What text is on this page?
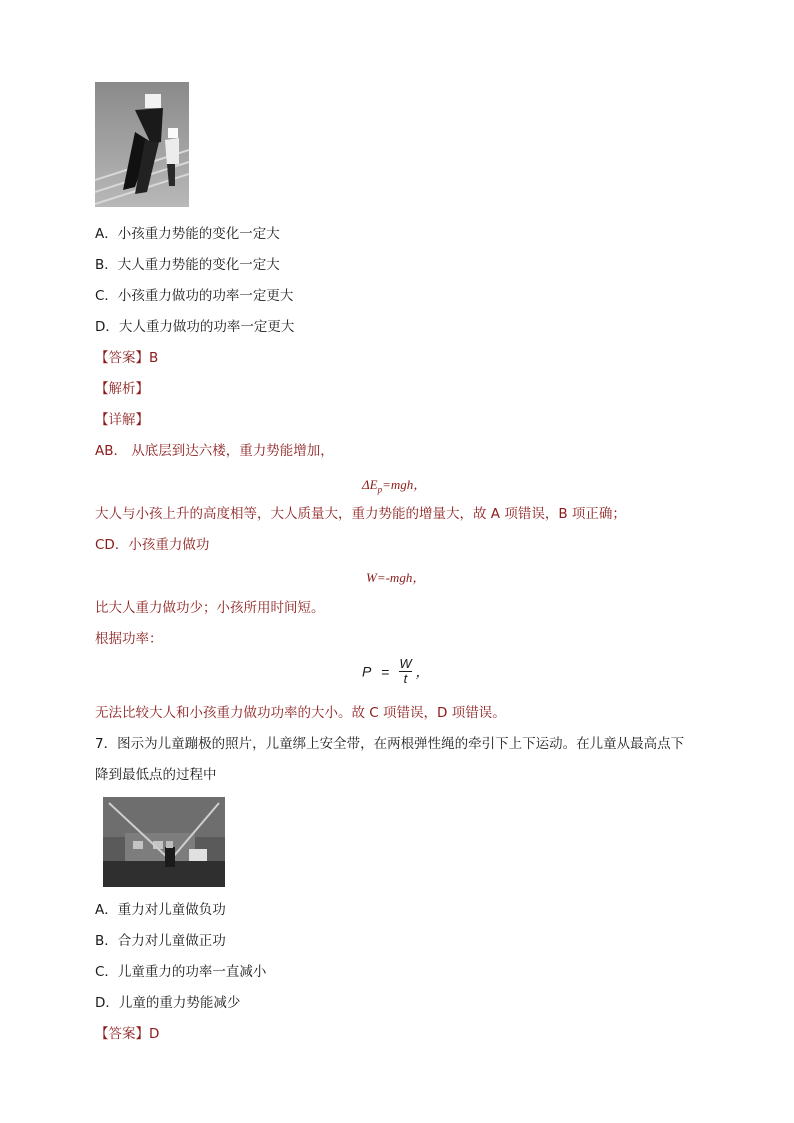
A．小孩重力势能的变化一定大
B．大人重力势能的变化一定大
C．小孩重力做功的功率一定更大
D．大人重力做功的功率一定更大
【答案】B
【解析】
【详解】
AB． 从底层到达六楼，重力势能增加，
$\Delta E_p=mgh$，
大人与小孩上升的高度相等，大人质量大，重力势能的增量大，故 A 项错误，B 项正确；
CD．小孩重力做功
W=-mgh，
比大人重力做功少；小孩所用时间短。
根据功率：
$P = \frac{W}{t}$ ，
无法比较大人和小孩重力做功功率的大小。故 C 项错误，D 项错误。
7．图示为儿童蹦极的照片，儿童绑上安全带，在两根弹性绳的牵引下上下运动。在儿童从最高点下
降到最低点的过程中
A．重力对儿童做负功
B．合力对儿童做正功
C．儿童重力的功率一直减小
D．儿童的重力势能减少
【答案】D
